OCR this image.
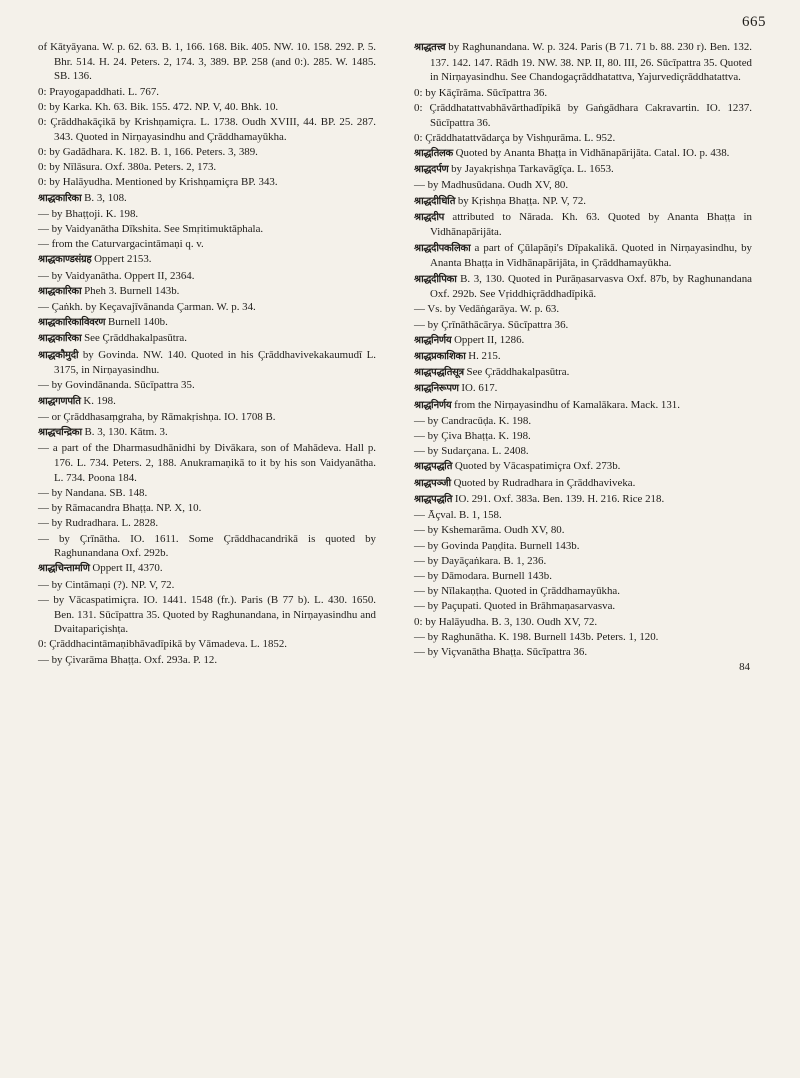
665
of Kātyāyana. W. p. 62. 63. B. 1, 166. 168. Bik. 405. NW. 10. 158. 292. P. 5. Bhr. 514. H. 24. Peters. 2, 174. 3, 389. BP. 258 (and 0:). 285. W. 1485. SB. 136.
0: Prayogapaddhati. L. 767.
0: by Karka. Kh. 63. Bik. 155. 472. NP. V, 40. Bhk. 10.
0: Çrāddhakāçikā by Krishṇamiçra. L. 1738. Oudh XVIII, 44. BP. 25. 287. 343. Quoted in Nirṇayasindhu and Çrāddhamayūkha.
0: by Gadādhara. K. 182. B. 1, 166. Peters. 3, 389.
0: by Nīlāsura. Oxf. 380a. Peters. 2, 173.
0: by Halāyudha. Mentioned by Krishṇamiçra BP. 343.
श्राद्धकारिका B. 3, 108.
— by Bhaṭṭoji. K. 198.
— by Vaidyanātha Dīkshita. See Smṛitimuktāphala.
— from the Caturvargacintāmaṇi q. v.
श्राद्धकाण्डसंग्रह Oppert 2153.
— by Vaidyanātha. Oppert II, 2364.
श्राद्धकारिका Pheh 3. Burnell 143b.
— Çaṅkh. by Keçavajīvānanda Çarman. W. p. 34.
श्राद्धकारिकाविवरण Burnell 140b.
श्राद्धकारिका See Çrāddhakalpasūtra.
श्राद्धकौमुदी by Govinda. NW. 140. Quoted in his Çrāddhavivekakaumudī L. 3175, in Nirṇayasindhu.
— by Govindānanda. Sūcīpattra 35.
श्राद्धगणपति K. 198.
— or Çrāddhasaṃgraha, by Rāmakṛishṇa. IO. 1708 B.
श्राद्धचन्द्रिका B. 3, 130. Kātm. 3.
— a part of the Dharmasudhānidhi by Divākara, son of Mahādeva. Hall p. 176. L. 734. Peters. 2, 188. Anukramaṇikā to it by his son Vaidyanātha. L. 734. Poona 184.
— by Nandana. SB. 148.
— by Rāmacandra Bhaṭṭa. NP. X, 10.
— by Rudradhara. L. 2828.
— by Çrīnātha. IO. 1611. Some Çrāddhacandrikā is quoted by Raghunandana Oxf. 292b.
श्राद्धचिन्तामणि Oppert II, 4370.
— by Cintāmaṇi (?). NP. V, 72.
— by Vācaspatimiçra. IO. 1441. 1548 (fr.). Paris (B 77 b). L. 430. 1650. Ben. 131. Sūcīpattra 35. Quoted by Raghunandana, in Nirṇayasindhu and Dvaitapariçishṭa.
0: Çrāddhacintāmaṇibhāvadīpikā by Vāmadeva. L. 1852.
— by Çivarāma Bhaṭṭa. Oxf. 293a. P. 12.
श्राद्धतत्त्व by Raghunandana. W. p. 324. Paris (B 71. 71 b. 88. 230 r). Ben. 132. 137. 142. 147. Rādh 19. NW. 38. NP. II, 80. III, 26. Sūcīpattra 35. Quoted in Nirṇayasindhu. See Chandogaçrāddhatattva, Yajurvediçrāddhatattva.
0: by Kāçīrāma. Sūcīpattra 36.
0: Çrāddhatattvabhāvārthadīpikā by Gaṅgādhara Cakravartin. IO. 1237. Sūcīpattra 36.
0: Çrāddhatattvādarça by Vishṇurāma. L. 952.
श्राद्धतिलक Quoted by Ananta Bhaṭṭa in Vidhānapārijāta. Catal. IO. p. 438.
श्राद्धदर्पण by Jayakṛishṇa Tarkavāgīça. L. 1653.
— by Madhusūdana. Oudh XV, 80.
श्राद्धदीधिति by Kṛishṇa Bhaṭṭa. NP. V, 72.
श्राद्धदीप attributed to Nārada. Kh. 63. Quoted by Ananta Bhaṭṭa in Vidhānapārijāta.
श्राद्धदीपकलिका a part of Çūlapāṇi's Dīpakalikā. Quoted in Nirṇayasindhu, by Ananta Bhaṭṭa in Vidhānapārijāta, in Çrāddhamayūkha.
श्राद्धदीपिका B. 3, 130. Quoted in Purāṇasarvasva Oxf. 87b, by Raghunandana Oxf. 292b. See Vṛiddhiçrāddhadīpikā.
— Vs. by Vedāṅgarāya. W. p. 63.
— by Çrīnāthācārya. Sūcīpattra 36.
श्राद्धनिर्णय Oppert II, 1286.
श्राद्धप्रकाशिका H. 215.
श्राद्धपद्धतिसूत्र See Çrāddhakalpasūtra.
श्राद्धनिरूपण IO. 617.
श्राद्धनिर्णय from the Nirṇayasindhu of Kamalākara. Mack. 131.
— by Candracūḍa. K. 198.
— by Çiva Bhaṭṭa. K. 198.
— by Sudarçana. L. 2408.
श्राद्धपद्धति Quoted by Vācaspatimiçra Oxf. 273b.
श्राद्धपञ्जी Quoted by Rudradhara in Çrāddhaviveka.
श्राद्धपद्धति IO. 291. Oxf. 383a. Ben. 139. H. 216. Rice 218.
— Āçval. B. 1, 158.
— by Kshemarāma. Oudh XV, 80.
— by Govinda Paṇḍita. Burnell 143b.
— by Dayāçaṅkara. B. 1, 236.
— by Dāmodara. Burnell 143b.
— by Nīlakaṇṭha. Quoted in Çrāddhamayūkha.
— by Paçupati. Quoted in Brāhmaṇasarvasva.
0: by Halāyudha. B. 3, 130. Oudh XV, 72.
— by Raghunātha. K. 198. Burnell 143b. Peters. 1, 120.
— by Viçvanātha Bhaṭṭa. Sūcīpattra 36.
84
